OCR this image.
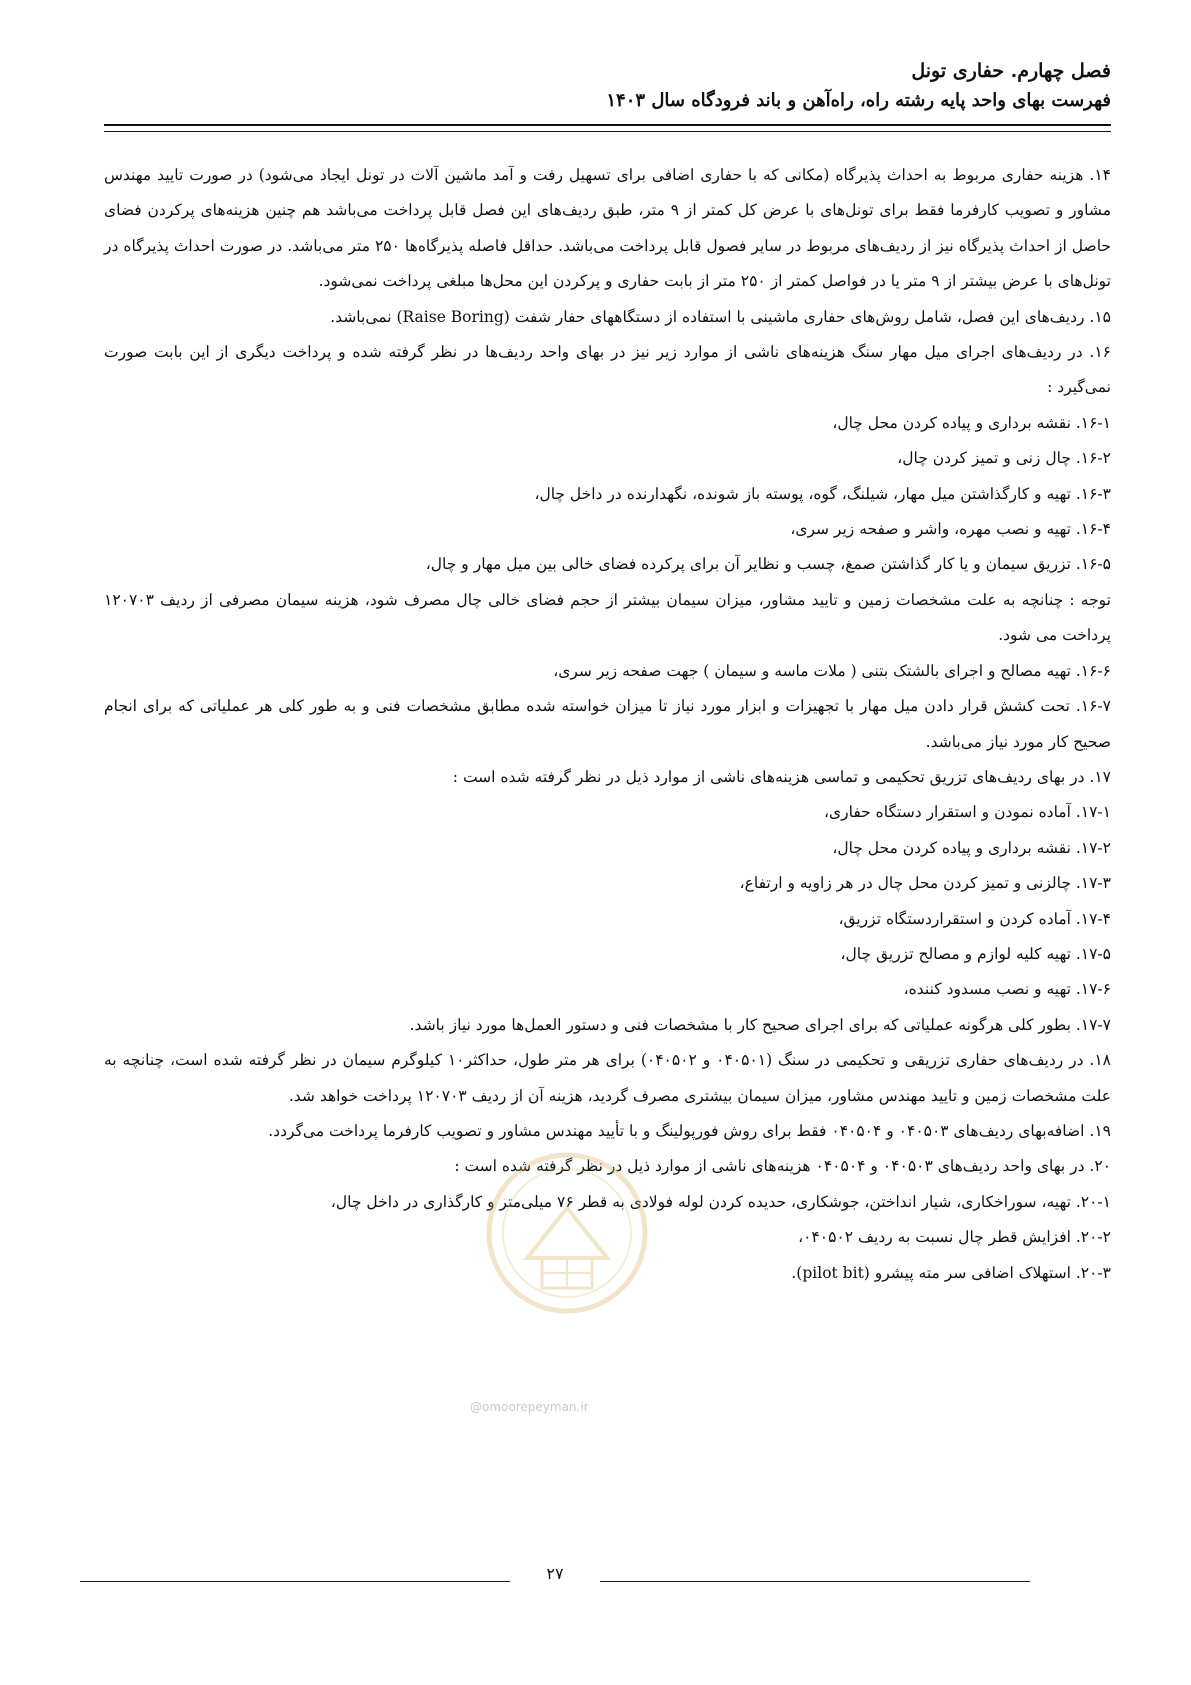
فصل چهارم. حفاری تونل
فهرست بهای واحد پایه رشته راه، راه‌آهن و باند فرودگاه سال ۱۴۰۳

۱۴. هزینه حفاری مربوط به احداث پذیرگاه (مکانی که با حفاری اضافی برای تسهیل رفت و آمد ماشین آلات در تونل ایجاد می‌شود) در صورت تایید مهندس مشاور و تصویب کارفرما فقط برای تونل‌های با عرض کل کمتر از ۹ متر، طبق ردیف‌های این فصل قابل پرداخت می‌باشد هم چنین هزینه‌های پرکردن فضای حاصل از احداث پذیرگاه نیز از ردیف‌های مربوط در سایر فصول قابل پرداخت می‌باشد. حداقل فاصله پذیرگاه‌ها ۲۵۰ متر می‌باشد. در صورت احداث پذیرگاه در تونل‌های با عرض بیشتر از ۹ متر یا در فواصل کمتر از ۲۵۰ متر از بابت حفاری و پرکردن این محل‌ها مبلغی پرداخت نمی‌شود.

۱۵. ردیف‌های این فصل، شامل روش‌های حفاری ماشینی با استفاده از دستگاههای حفار شفت (Raise Boring) نمی‌باشد.

۱۶. در ردیف‌های اجرای میل مهار سنگ هزینه‌های ناشی از موارد زیر نیز در بهای واحد ردیف‌ها در نظر گرفته شده و پرداخت دیگری از این بابت صورت نمی‌گیرد :

۱۶-۱. نقشه برداری و پیاده کردن محل چال،

۱۶-۲. چال زنی و تمیز کردن چال،

۱۶-۳. تهیه و کارگذاشتن میل مهار، شیلنگ، گوه، پوسته باز شونده، نگهدارنده در داخل چال،

۱۶-۴. تهیه و نصب مهره، واشر و صفحه زیر سری،

۱۶-۵. تزریق سیمان و یا کار گذاشتن صمغ، چسب و نظایر آن برای پرکرده فضای خالی بین میل مهار و چال،

توجه : چنانچه به علت مشخصات زمین و تایید مشاور، میزان سیمان بیشتر از حجم فضای خالی چال مصرف شود، هزینه سیمان مصرفی از ردیف ۱۲۰۷۰۳ پرداخت می شود.

۱۶-۶. تهیه مصالح و اجرای بالشتک بتنی ( ملات ماسه و سیمان ) جهت صفحه زیر سری،

۱۶-۷. تحت کشش قرار دادن میل مهار با تجهیزات و ابزار مورد نیاز تا میزان خواسته شده مطابق مشخصات فنی و به طور کلی هر عملیاتی که برای انجام صحیح کار مورد نیاز می‌باشد.

۱۷. در بهای ردیف‌های تزریق تحکیمی و تماسی هزینه‌های ناشی از موارد ذیل در نظر گرفته شده است :

۱۷-۱. آماده نمودن و استقرار دستگاه حفاری،

۱۷-۲. نقشه برداری و پیاده کردن محل چال،

۱۷-۳. چالزنی و تمیز کردن محل چال در هر زاویه و ارتفاع،

۱۷-۴. آماده کردن و استقراردستگاه تزریق،

۱۷-۵. تهیه کلیه لوازم و مصالح تزریق چال،

۱۷-۶. تهیه و نصب مسدود کننده،

۱۷-۷. بطور کلی هرگونه عملیاتی که برای اجرای صحیح کار با مشخصات فنی و دستور العمل‌ها مورد نیاز باشد.

۱۸. در ردیف‌های حفاری تزریقی و تحکیمی در سنگ (۰۴۰۵۰۱ و ۰۴۰۵۰۲) برای هر متر طول، حداکثر۱۰ کیلوگرم سیمان در نظر گرفته شده است، چنانچه به علت مشخصات زمین و تایید مهندس مشاور، میزان سیمان بیشتری مصرف گردید، هزینه آن از ردیف ۱۲۰۷۰۳ پرداخت خواهد شد.

۱۹. اضافه‌بهای ردیف‌های ۰۴۰۵۰۳ و ۰۴۰۵۰۴ فقط برای روش فورپولینگ و با تأیید مهندس مشاور و تصویب کارفرما پرداخت می‌گردد.

۲۰. در بهای واحد ردیف‌های ۰۴۰۵۰۳ و ۰۴۰۵۰۴ هزینه‌های ناشی از موارد ذیل در نظر گرفته شده است :

۲۰-۱. تهیه، سوراخکاری، شیار انداختن، جوشکاری، حدیده کردن لوله فولادی به قطر ۷۶ میلی‌متر و کارگذاری در داخل چال،

۲۰-۲. افزایش قطر چال نسبت به ردیف ۰۴۰۵۰۲،

۲۰-۳. استهلاک اضافی سر مته پیشرو (pilot bit).

@omoorepeyman.ir
۲۷
